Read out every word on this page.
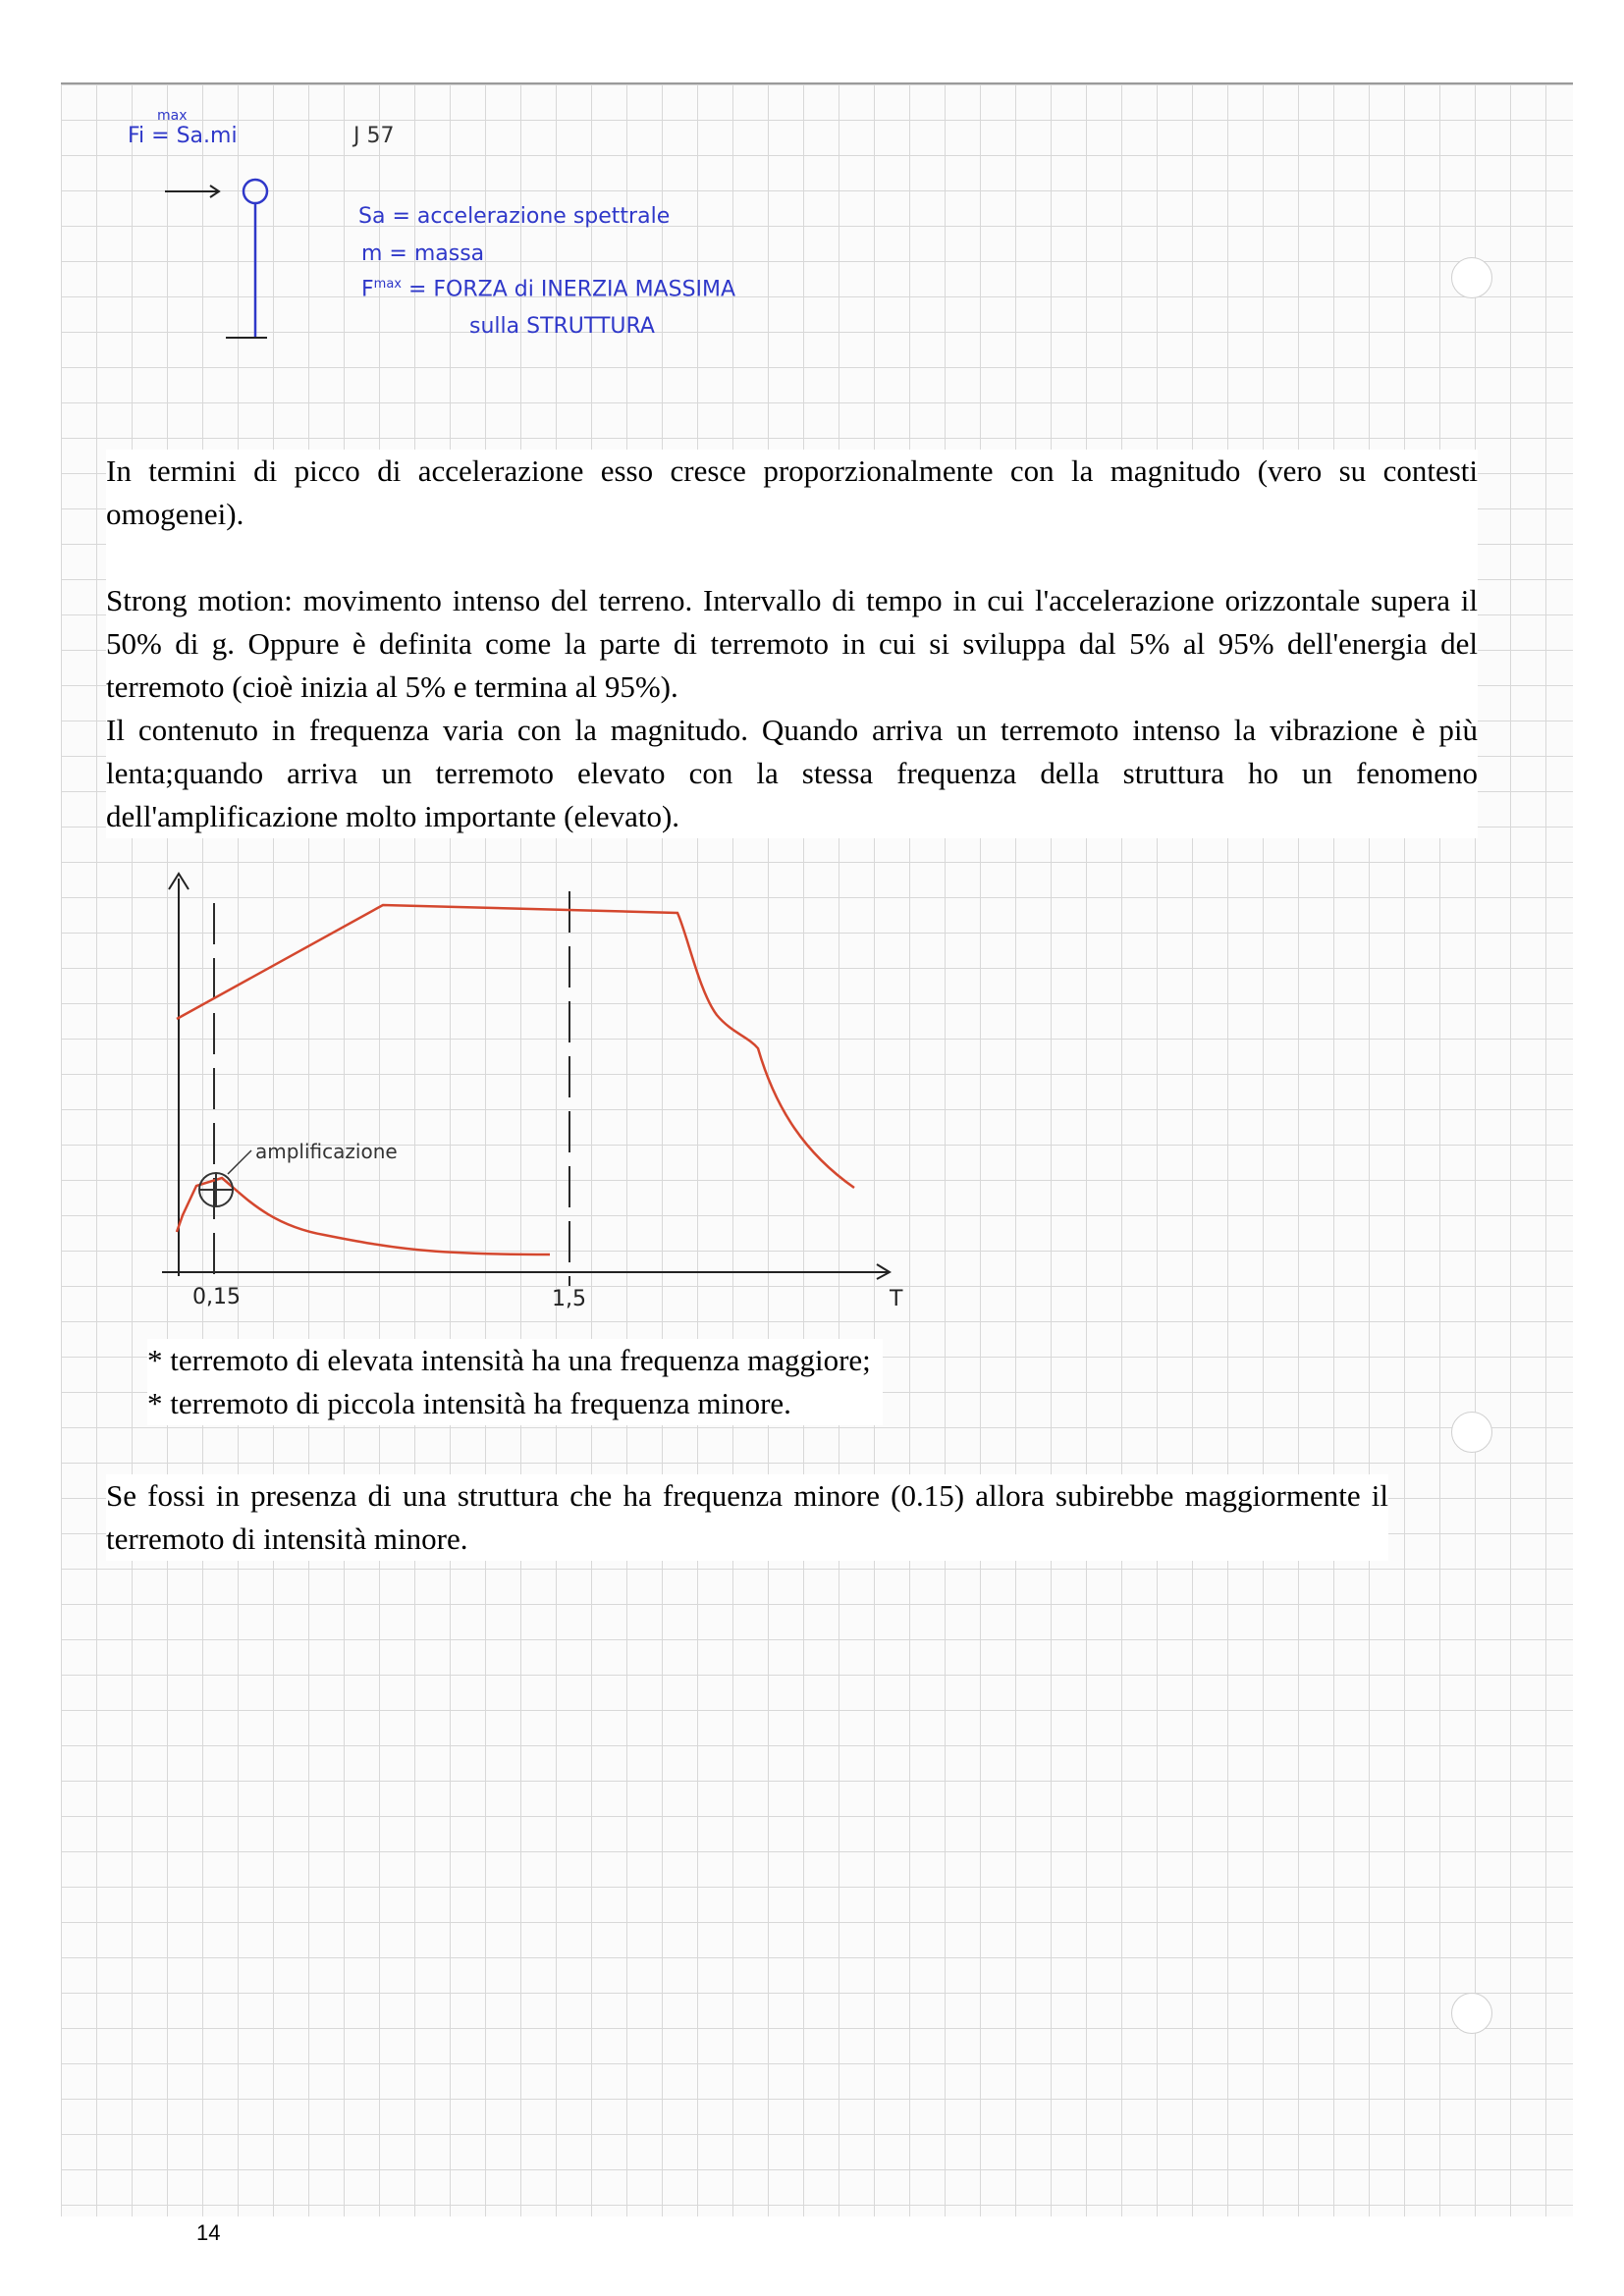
max
Fi = Sa.mi	J 57
Sa = accelerazione spettrale
m = massa
$F^{max}$ = FORZA di INERZIA MASSIMA
sulla STRUTTURA

In termini di picco di accelerazione esso cresce proporzionalmente con la magnitudo (vero su contesti omogenei).

Strong motion: movimento intenso del terreno. Intervallo di tempo in cui l'accelerazione orizzontale supera il 50% di g. Oppure è definita come la parte di terremoto in cui si sviluppa dal 5% al 95% dell'energia del terremoto (cioè inizia al 5% e termina al 95%).

Il contenuto in frequenza varia con la magnitudo. Quando arriva un terremoto intenso la vibrazione è più lenta;quando arriva un terremoto elevato con la stessa frequenza della struttura ho un fenomeno dell'amplificazione molto importante (elevato).

0,15	1,5	T
amplificazione
* terremoto di elevata intensità ha una frequenza maggiore;
* terremoto di piccola intensità ha frequenza minore.

Se fossi in presenza di una struttura che ha frequenza minore (0.15) allora subirebbe maggiormente il terremoto di intensità minore.

14
